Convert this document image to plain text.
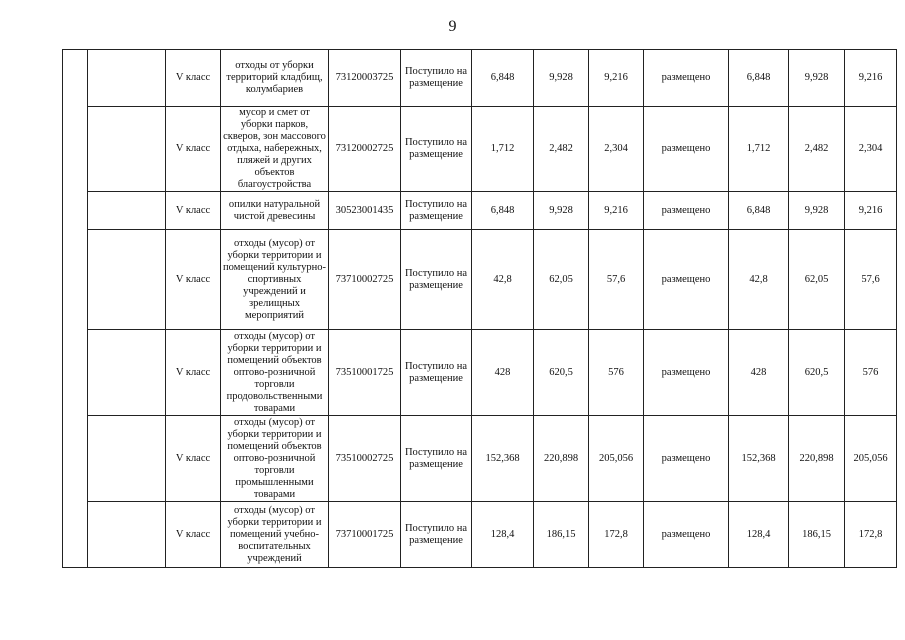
9
		V класс	отходы от уборки территорий кладбищ, колумбариев	73120003725	Поступило на размещение	6,848	9,928	9,216	размещено	6,848	9,928	9,216
		V класс	мусор и смет от уборки парков, скверов, зон массового отдыха, набережных, пляжей и других объектов благоустройства	73120002725	Поступило на размещение	1,712	2,482	2,304	размещено	1,712	2,482	2,304
		V класс	опилки натуральной чистой древесины	30523001435	Поступило на размещение	6,848	9,928	9,216	размещено	6,848	9,928	9,216
		V класс	отходы (мусор) от уборки территории и помещений культурно-спортивных учреждений и зрелищных мероприятий	73710002725	Поступило на размещение	42,8	62,05	57,6	размещено	42,8	62,05	57,6
		V класс	отходы (мусор) от уборки территории и помещений объектов оптово-розничной торговли продовольственными товарами	73510001725	Поступило на размещение	428	620,5	576	размещено	428	620,5	576
		V класс	отходы (мусор) от уборки территории и помещений объектов оптово-розничной торговли промышленными товарами	73510002725	Поступило на размещение	152,368	220,898	205,056	размещено	152,368	220,898	205,056
		V класс	отходы (мусор) от уборки территории и помещений учебно-воспитательных учреждений	73710001725	Поступило на размещение	128,4	186,15	172,8	размещено	128,4	186,15	172,8
